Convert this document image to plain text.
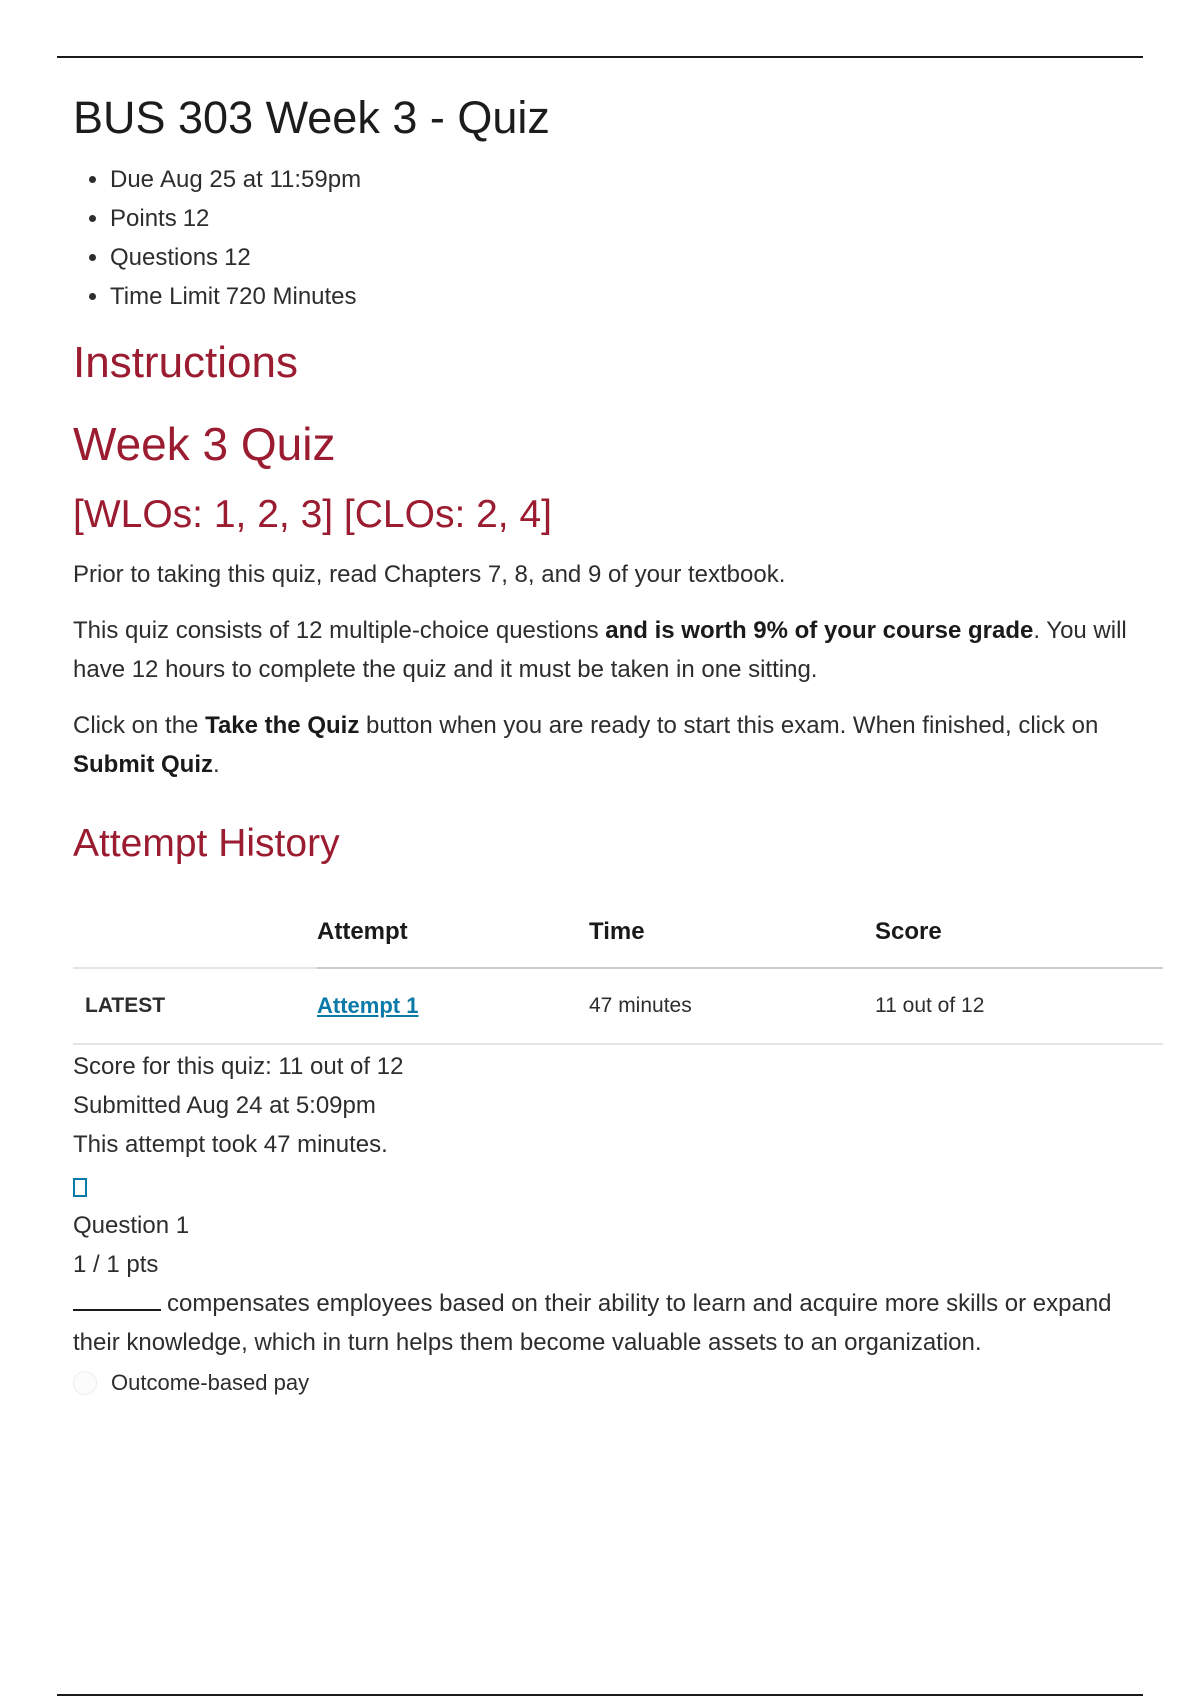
BUS 303 Week 3 - Quiz
• Due Aug 25 at 11:59pm
• Points 12
• Questions 12
• Time Limit 720 Minutes
Instructions
Week 3 Quiz
[WLOs: 1, 2, 3] [CLOs: 2, 4]

Prior to taking this quiz, read Chapters 7, 8, and 9 of your textbook.

This quiz consists of 12 multiple-choice questions and is worth 9% of your course grade. You will have 12 hours to complete the quiz and it must be taken in one sitting.

Click on the Take the Quiz button when you are ready to start this exam. When finished, click on Submit Quiz.

Attempt History
	Attempt	Time	Score
LATEST	Attempt 1	47 minutes	11 out of 12

Score for this quiz: 11 out of 12

Submitted Aug 24 at 5:09pm

This attempt took 47 minutes.

Question 1

1 / 1 pts

compensates employees based on their ability to learn and acquire more skills or expand their knowledge, which in turn helps them become valuable assets to an organization.

Outcome-based pay
